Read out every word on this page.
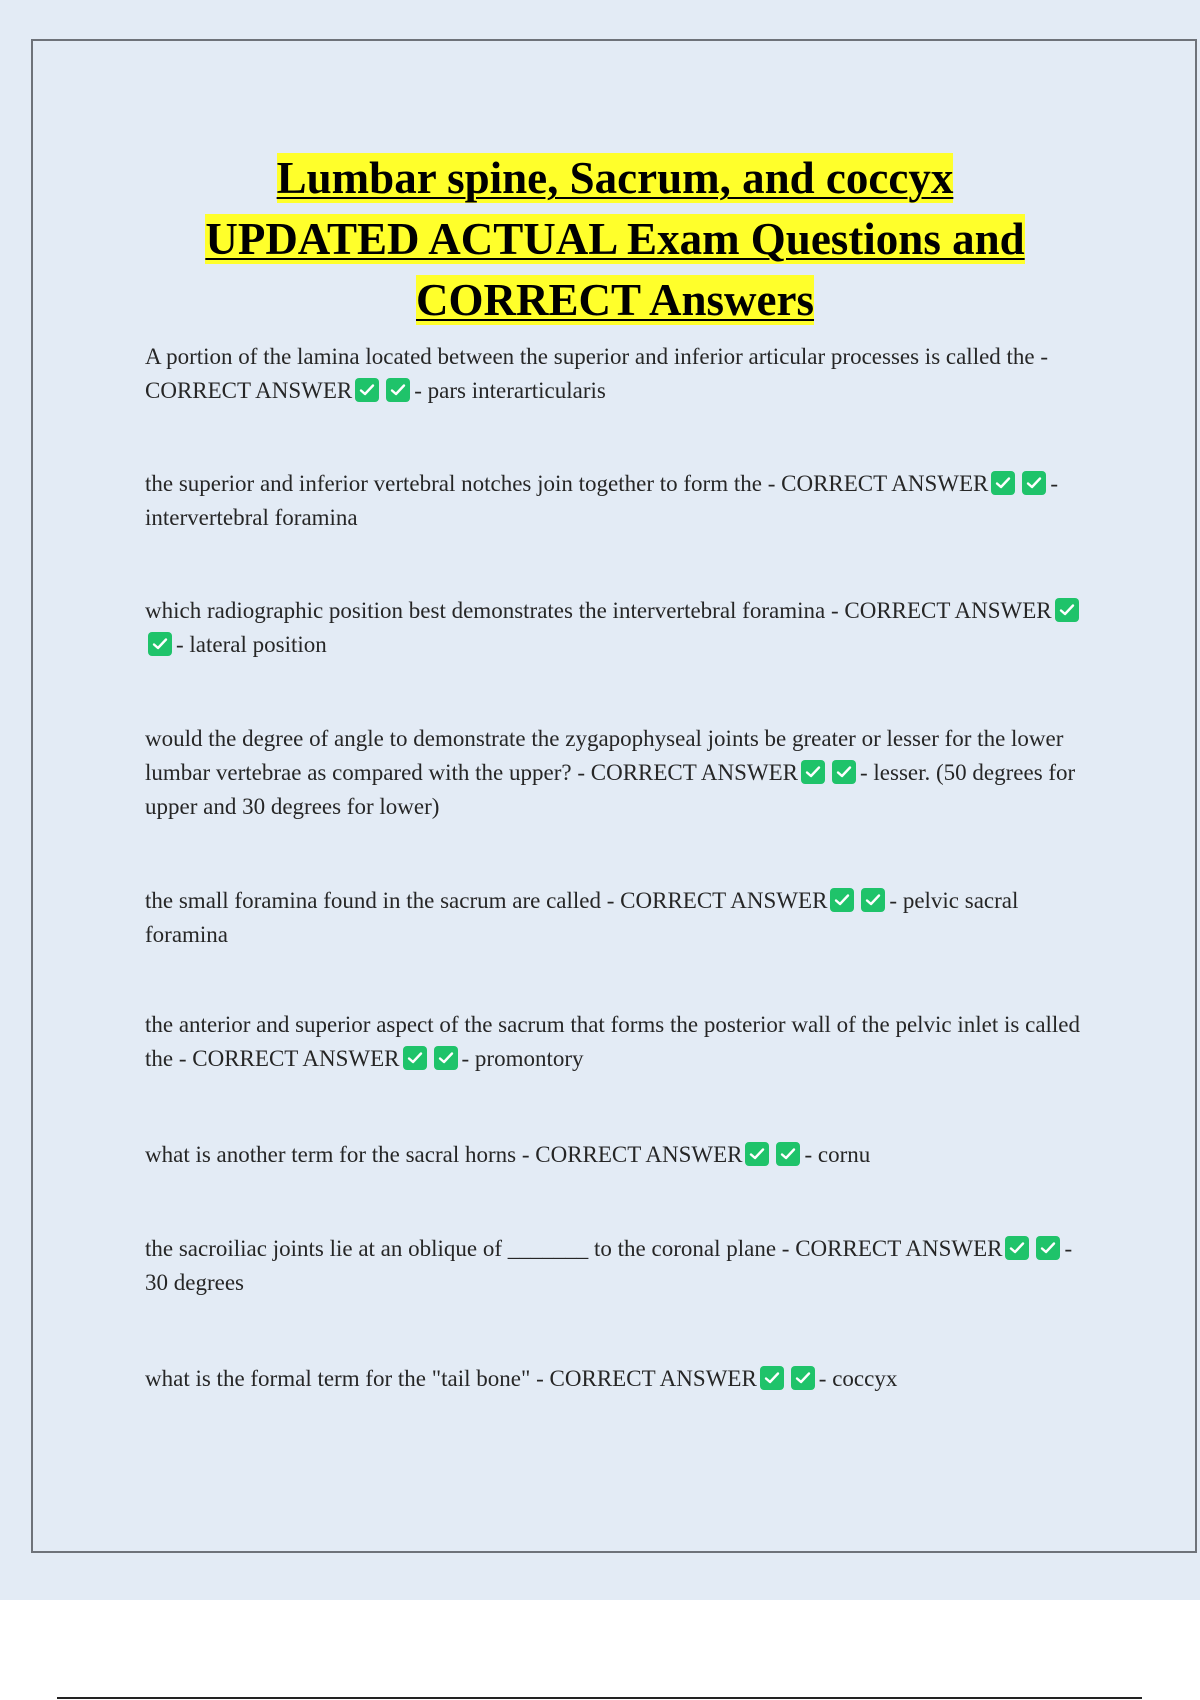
Lumbar spine, Sacrum, and coccyx
UPDATED ACTUAL Exam Questions and
CORRECT Answers
A portion of the lamina located between the superior and inferior articular processes is called the - CORRECT ANSWER	- pars interarticularis
the superior and inferior vertebral notches join together to form the - CORRECT ANSWER	- intervertebral foramina
which radiographic position best demonstrates the intervertebral foramina - CORRECT ANSWER
- lateral position
would the degree of angle to demonstrate the zygapophyseal joints be greater or lesser for the lower lumbar vertebrae as compared with the upper? - CORRECT ANSWER	- lesser. (50 degrees for upper and 30 degrees for lower)
the small foramina found in the sacrum are called - CORRECT ANSWER	- pelvic sacral foramina
the anterior and superior aspect of the sacrum that forms the posterior wall of the pelvic inlet is called the - CORRECT ANSWER	- promontory
what is another term for the sacral horns - CORRECT ANSWER	- cornu
the sacroiliac joints lie at an oblique of _______ to the coronal plane - CORRECT ANSWER	- 30 degrees
what is the formal term for the "tail bone" - CORRECT ANSWER	- coccyx
